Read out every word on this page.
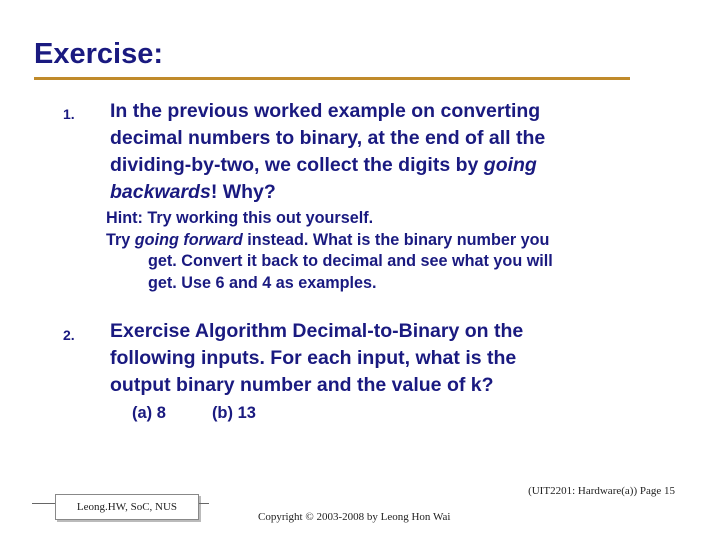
Exercise:
1. In the previous worked example on converting
decimal numbers to binary, at the end of all the
dividing-by-two, we collect the digits by going
backwards! Why?

Hint: Try working this out yourself.
Try going forward instead. What is the binary number you
get. Convert it back to decimal and see what you will
get. Use 6 and 4 as examples.

2. Exercise Algorithm Decimal-to-Binary on the
following inputs. For each input, what is the
output binary number and the value of k?

(a) 8	(b) 13
(UIT2201: Hardware(a)) Page 15
Leong.HW, SoC, NUS
Copyright © 2003-2008 by Leong Hon Wai
